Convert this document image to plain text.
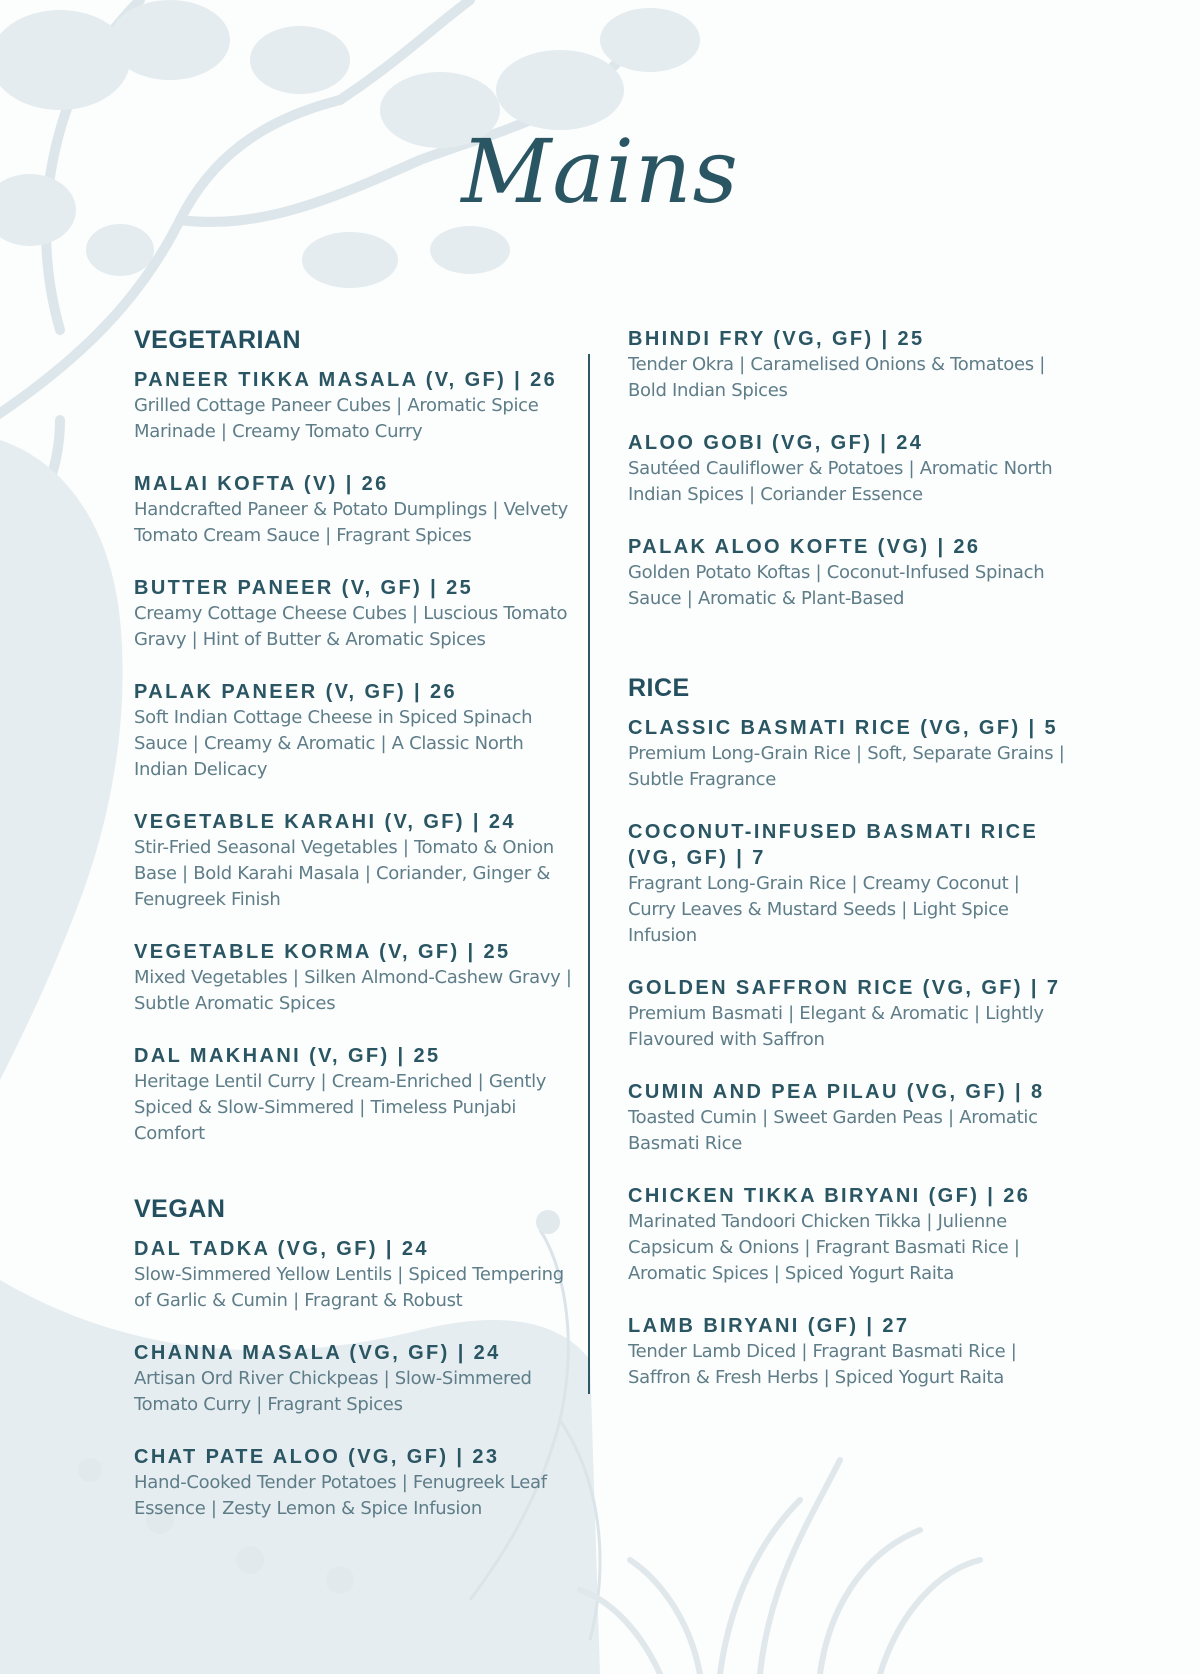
Mains
VEGETARIAN

PANEER TIKKA MASALA (V, GF) | 26

Grilled Cottage Paneer Cubes | Aromatic Spice Marinade | Creamy Tomato Curry

MALAI KOFTA (V) | 26

Handcrafted Paneer & Potato Dumplings | Velvety Tomato Cream Sauce | Fragrant Spices

BUTTER PANEER (V, GF) | 25

Creamy Cottage Cheese Cubes | Luscious Tomato Gravy | Hint of Butter & Aromatic Spices

PALAK PANEER (V, GF) | 26

Soft Indian Cottage Cheese in Spiced Spinach Sauce | Creamy & Aromatic | A Classic North Indian Delicacy

VEGETABLE KARAHI (V, GF) | 24

Stir-Fried Seasonal Vegetables | Tomato & Onion Base | Bold Karahi Masala | Coriander, Ginger & Fenugreek Finish

VEGETABLE KORMA (V, GF) | 25

Mixed Vegetables | Silken Almond-Cashew Gravy | Subtle Aromatic Spices

DAL MAKHANI (V, GF) | 25

Heritage Lentil Curry | Cream-Enriched | Gently Spiced & Slow-Simmered | Timeless Punjabi Comfort

VEGAN

DAL TADKA (VG, GF) | 24

Slow-Simmered Yellow Lentils | Spiced Tempering of Garlic & Cumin | Fragrant & Robust

CHANNA MASALA (VG, GF) | 24

Artisan Ord River Chickpeas | Slow-Simmered Tomato Curry | Fragrant Spices

CHAT PATE ALOO (VG, GF) | 23

Hand-Cooked Tender Potatoes | Fenugreek Leaf Essence | Zesty Lemon & Spice Infusion

BHINDI FRY (VG, GF) | 25

Tender Okra | Caramelised Onions & Tomatoes | Bold Indian Spices

ALOO GOBI (VG, GF) | 24

Sautéed Cauliflower & Potatoes | Aromatic North Indian Spices | Coriander Essence

PALAK ALOO KOFTE (VG) | 26

Golden Potato Koftas | Coconut-Infused Spinach Sauce | Aromatic & Plant-Based

RICE

CLASSIC BASMATI RICE (VG, GF) | 5

Premium Long-Grain Rice | Soft, Separate Grains | Subtle Fragrance

COCONUT-INFUSED BASMATI RICE (VG, GF) | 7

Fragrant Long-Grain Rice | Creamy Coconut | Curry Leaves & Mustard Seeds | Light Spice Infusion

GOLDEN SAFFRON RICE (VG, GF) | 7

Premium Basmati | Elegant & Aromatic | Lightly Flavoured with Saffron

CUMIN AND PEA PILAU (VG, GF) | 8

Toasted Cumin | Sweet Garden Peas | Aromatic Basmati Rice

CHICKEN TIKKA BIRYANI (GF) | 26

Marinated Tandoori Chicken Tikka | Julienne Capsicum & Onions | Fragrant Basmati Rice | Aromatic Spices | Spiced Yogurt Raita

LAMB BIRYANI (GF) | 27

Tender Lamb Diced | Fragrant Basmati Rice | Saffron & Fresh Herbs | Spiced Yogurt Raita
